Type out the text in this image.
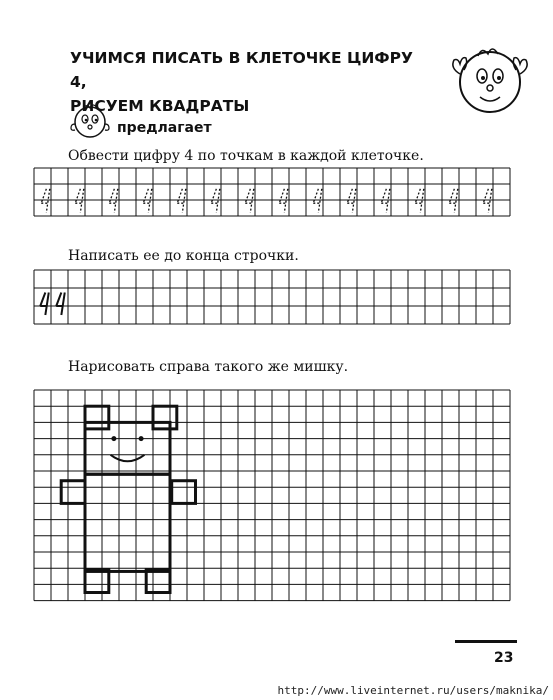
УЧИМСЯ ПИСАТЬ В КЛЕТОЧКЕ ЦИФРУ 4,
РИСУЕМ КВАДРАТЫ
предлагает
Обвести цифру 4 по точкам в каждой клеточке.
Написать ее до конца строчки.
Нарисовать справа такого же мишку.
23
http://www.liveinternet.ru/users/maknika/
